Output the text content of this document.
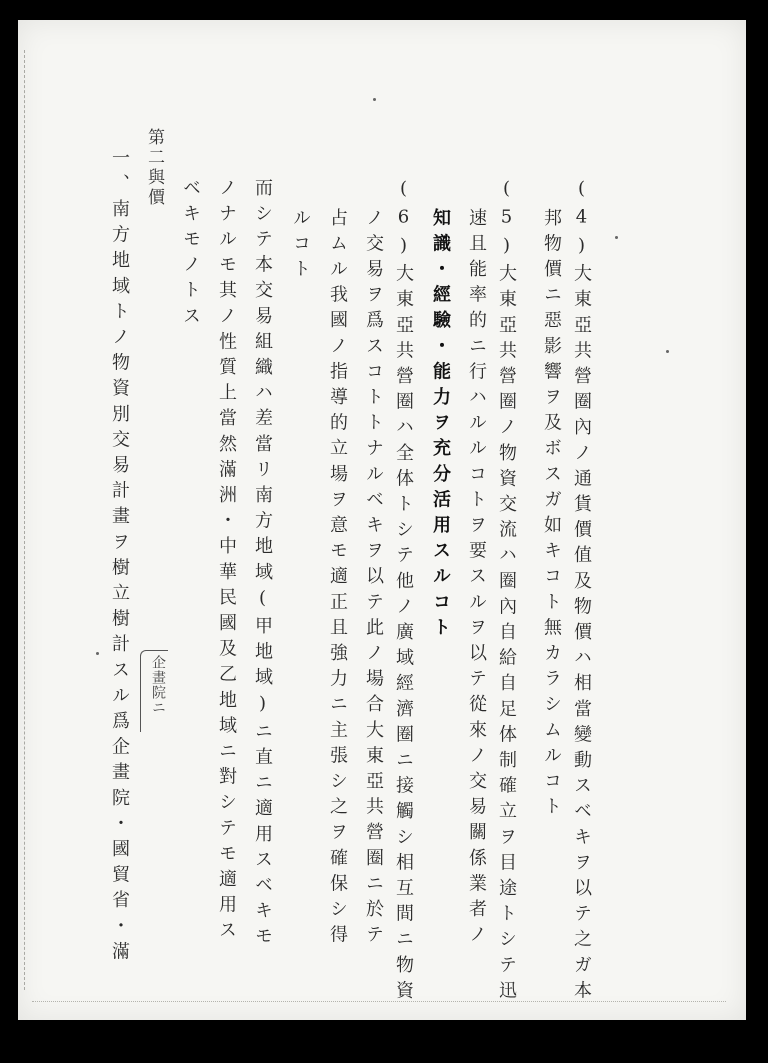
(4)大東亞共營圈內ノ通貨價值及物價ハ相當變動スベキヲ以テ之ガ本
邦物價ニ惡影響ヲ及ボスガ如キコト無カラシムルコト
(5)大東亞共營圈ノ物資交流ハ圈內自給自足体制確立ヲ目途トシテ迅
速且能率的ニ行ハルルコトヲ要スルヲ以テ從來ノ交易關係業者ノ
知識・經驗・能力ヲ充分活用スルコト
(6)大東亞共營圈ハ全体トシテ他ノ廣域經濟圈ニ接觸シ相互間ニ物資
ノ交易ヲ爲スコトトナルベキヲ以テ此ノ場合大東亞共營圈ニ於テ
占ムル我國ノ指導的立場ヲ意モ適正且強力ニ主張シ之ヲ確保シ得
ルコト
而シテ本交易組織ハ差當リ南方地域(甲地域)ニ直ニ適用スベキモ
ノナルモ其ノ性質上當然滿洲・中華民國及乙地域ニ對シテモ適用ス
ベキモノトス
第二與價
一、南方地域トノ物資別交易計畫ヲ樹立樹計スル爲企畫院・國貿省・滿	企畫院ニ
